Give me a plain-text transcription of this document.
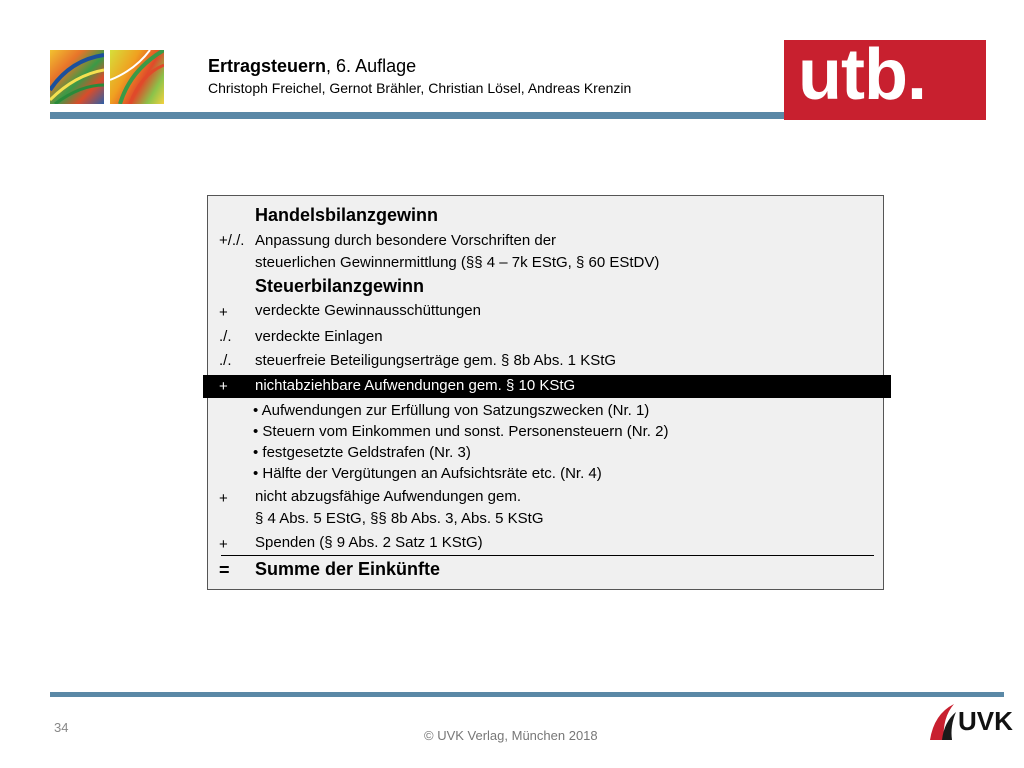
Ertragsteuern, 6. Auflage
Christoph Freichel, Gernot Brähler, Christian Lösel, Andreas Krenzin utb.
Handelsbilanzgewinn
+/./. Anpassung durch besondere Vorschriften der
steuerlichen Gewinnermittlung (§§ 4 – 7k EStG, § 60 EStDV)
Steuerbilanzgewinn
+ verdeckte Gewinnausschüttungen
./. verdeckte Einlagen
./. steuerfreie Beteiligungserträge gem. § 8b Abs. 1 KStG
+ nichtabziehbare Aufwendungen gem. § 10 KStG
• Aufwendungen zur Erfüllung von Satzungszwecken (Nr. 1)
• Steuern vom Einkommen und sonst. Personensteuern (Nr. 2)
• festgesetzte Geldstrafen (Nr. 3)
• Hälfte der Vergütungen an Aufsichtsräte etc. (Nr. 4)
+ nicht abzugsfähige Aufwendungen gem.
§ 4 Abs. 5 EStG, §§ 8b Abs. 3, Abs. 5 KStG
+ Spenden (§ 9 Abs. 2 Satz 1 KStG)
= Summe der Einkünfte
34
© UVK Verlag, München 2018	UVK
